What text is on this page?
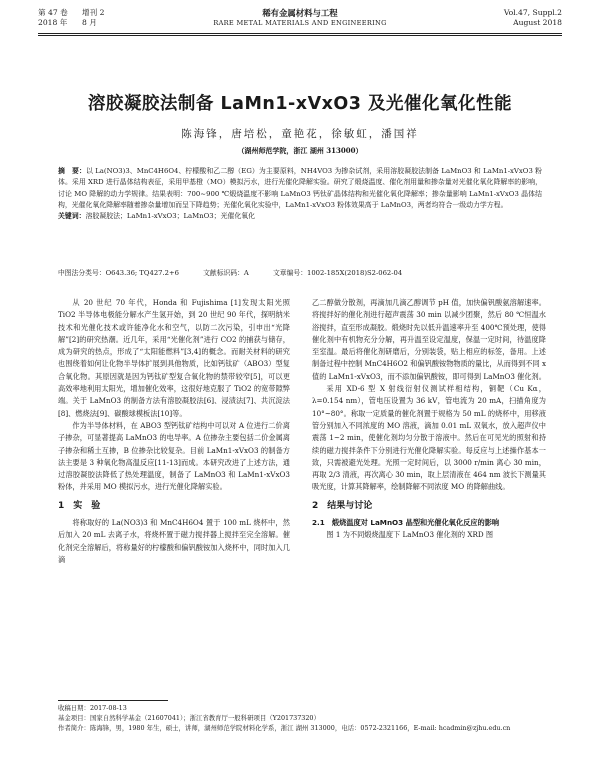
第 47 卷 增刊 2
2018 年 8 月
稀有金属材料与工程
RARE METAL MATERIALS AND ENGINEERING
Vol.47, Suppl.2
August 2018
溶胶凝胶法制备 LaMn1-xVxO3 及光催化氧化性能
陈海锋，唐培松，童艳花，徐敏虹，潘国祥
（湖州师范学院，浙江 湖州 313000）
摘　要：以 La(NO3)3、MnC4H6O4、柠檬酸和乙二醇（EG）为主要原料，NH4VO3 为掺杂试剂，采用溶胶凝胶法制备 LaMnO3 和 LaMn1-xVxO3 粉体。采用 XRD 进行晶体结构表征，采用甲基橙（MO）模拟污水，进行光催化降解实验。研究了煅烧温度、催化剂用量和掺杂量对光催化氧化降解率的影响，讨论 MO 降解的动力学规律。结果表明：700~900 ℃煅烧温度不影响 LaMnO3 钙钛矿晶体结构和光催化氧化降解率；掺杂量影响 LaMn1-xVxO3 晶体结构，光催化氧化降解率随着掺杂量增加而呈下降趋势；光催化氧化实验中，LaMn1-xVxO3 粉体效果高于 LaMnO3，两者均符合一级动力学方程。
关键词：溶胶凝胶法；LaMn1-xVxO3；LaMnO3；光催化氧化
中图法分类号：O643.36; TQ427.2+6	文献标识码：A	文章编号：1002-185X(2018)S2-062-04

从 20 世纪 70 年代，Honda 和 Fujishima [1]发现太阳光照 TiO2 半导体电极能分解水产生氢开始，到 20 世纪 90 年代，探明纳米技术和光催化技术或许能净化水和空气，以防二次污染，引申出“光降解”[2]的研究热潮。近几年，采用“光催化剂”进行 CO2 的捕获与储存，成为研究的热点，形成了“太阳能燃料”[3,4]的概念。而耐关材料的研究也围绕着如何让化物半导体扩展到具他物质，比如钙钛矿（ABO3）型复合氧化物。其原因就是因为钙钛矿型复合氧化物的禁带较窄[5]，可以更高效率地利用太阳光，增加催化效率，这很好地克服了 TiO2 的宽带隙弊端。关于 LaMnO3 的制备方法有溶胶凝胶法[6]、浸渍法[7]、共沉淀法[8]、燃烧法[9]、碳酸球模板法[10]等。

作为半导体材料，在 ABO3 型钙钛矿结构中可以对 A 位进行二价离子掺杂，可显著提高 LaMnO3 的电导率。A 位掺杂主要包括二价金属离子掺杂和稀土互掺，B 位掺杂比较复杂。目前 LaMn1-xVxO3 的制备方法主要是 3 种氧化物高温反应[11-13]而成。本研究改进了上述方法，通过溶胶凝胶法降低了热处理温度，制备了 LaMnO3 和 LaMn1-xVxO3 粉体，并采用 MO 模拟污水，进行光催化降解实验。

1　实　验

将称取好的 La(NO3)3 和 MnC4H6O4 置于 100 mL 烧杯中，然后加入 20 mL 去离子水，将烧杯置于磁力搅拌器上搅拌至完全溶解。催化剂完全溶解后，将称量好的柠檬酸和偏钒酸铵加入烧杯中，同时加入几滴

乙二醇做分散剂，再滴加几滴乙醇调节 pH 值，加快偏钒酸氨溶解速率。将搅拌好的催化剂进行超声震荡 30 min 以减少团聚，然后 80 ℃恒温水浴搅拌，直至形成凝胶。煅烧时先以低升温速率升至 400℃预处理，使得催化剂中有机物充分分解，再升温至设定温度，保温一定时间，待温度降至室温。最后将催化剂研磨后，分别装袋，贴上相应的标签，备用。上述制备过程中控制 MnC4H6O2 和偏钒酸铵物物质的量比，从而得到不同 x 值的 LaMn1-xVxO3，而不添加偏钒酸铵，即可得到 LaMnO3 催化剂。

采用 XD-6 型 X 射线衍射仪测试样相结构，铜靶（Cu Kα，λ=0.154 nm），管电压设置为 36 kV，管电流为 20 mA，扫描角度为 10°~80°。称取一定质量的催化剂置于规格为 50 mL 的烧杯中，用移液管分别加入不同浓度的 MO 溶液，滴加 0.01 mL 双氧水，放入超声仪中震荡 1~2 min，使催化剂均匀分散于溶液中。然后在可见光的照射和持续的磁力搅拌条件下分别进行光催化降解实验。每反应与上述操作基本一致，只需被避光处理。光照一定时间后，以 3000 r/min 离心 30 min，再取 2/3 清液，再次离心 30 min，取上层清液在 464 nm 波长下测量其吸光度，计算其降解率，绘制降解不同浓度 MO 的降解曲线。

2　结果与讨论

2.1　煅烧温度对 LaMnO3 晶型和光催化氧化反应的影响

图 1 为不同煅烧温度下 LaMnO3 催化剂的 XRD 图

收稿日期：2017-08-13
基金项目：国家自然科学基金（21607041）；浙江省教育厅一般科研项目（Y201737320）
作者简介：陈海锋，男，1980 年生，硕士，讲师，湖州师范学院材料化学系，浙江 湖州 313000，电话：0572-2321166，E-mail: hcadmin@zjhu.edu.cn
